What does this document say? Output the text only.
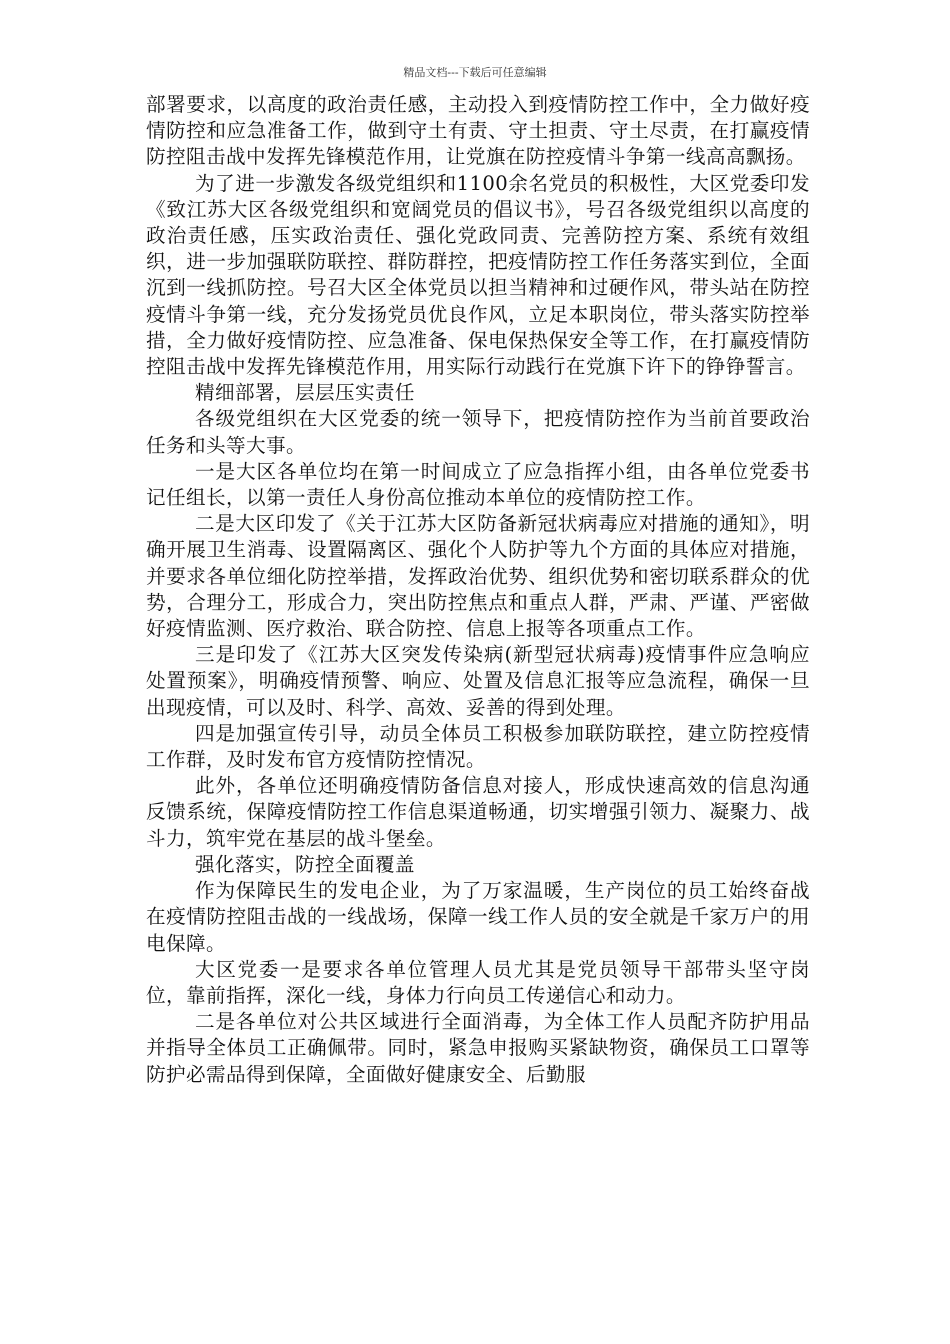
精品文档---下载后可任意编辑

部署要求，以高度的政治责任感，主动投入到疫情防控工作中，全力做好疫情防控和应急准备工作，做到守土有责、守土担责、守土尽责，在打赢疫情防控阻击战中发挥先锋模范作用，让党旗在防控疫情斗争第一线高高飘扬。

为了进一步激发各级党组织和1100余名党员的积极性，大区党委印发《致江苏大区各级党组织和宽阔党员的倡议书》，号召各级党组织以高度的政治责任感，压实政治责任、强化党政同责、完善防控方案、系统有效组织，进一步加强联防联控、群防群控，把疫情防控工作任务落实到位，全面沉到一线抓防控。号召大区全体党员以担当精神和过硬作风，带头站在防控疫情斗争第一线，充分发扬党员优良作风，立足本职岗位，带头落实防控举措，全力做好疫情防控、应急准备、保电保热保安全等工作，在打赢疫情防控阻击战中发挥先锋模范作用，用实际行动践行在党旗下许下的铮铮誓言。

精细部署，层层压实责任

各级党组织在大区党委的统一领导下，把疫情防控作为当前首要政治任务和头等大事。

一是大区各单位均在第一时间成立了应急指挥小组，由各单位党委书记任组长，以第一责任人身份高位推动本单位的疫情防控工作。

二是大区印发了《关于江苏大区防备新冠状病毒应对措施的通知》，明确开展卫生消毒、设置隔离区、强化个人防护等九个方面的具体应对措施，并要求各单位细化防控举措，发挥政治优势、组织优势和密切联系群众的优势，合理分工，形成合力，突出防控焦点和重点人群，严肃、严谨、严密做好疫情监测、医疗救治、联合防控、信息上报等各项重点工作。

三是印发了《江苏大区突发传染病(新型冠状病毒)疫情事件应急响应处置预案》，明确疫情预警、响应、处置及信息汇报等应急流程，确保一旦出现疫情，可以及时、科学、高效、妥善的得到处理。

四是加强宣传引导，动员全体员工积极参加联防联控，建立防控疫情工作群，及时发布官方疫情防控情况。

此外，各单位还明确疫情防备信息对接人，形成快速高效的信息沟通反馈系统，保障疫情防控工作信息渠道畅通，切实增强引领力、凝聚力、战斗力，筑牢党在基层的战斗堡垒。

强化落实，防控全面覆盖

作为保障民生的发电企业，为了万家温暖，生产岗位的员工始终奋战在疫情防控阻击战的一线战场，保障一线工作人员的安全就是千家万户的用电保障。

大区党委一是要求各单位管理人员尤其是党员领导干部带头坚守岗位，靠前指挥，深化一线，身体力行向员工传递信心和动力。

二是各单位对公共区域进行全面消毒，为全体工作人员配齐防护用品并指导全体员工正确佩带。同时，紧急申报购买紧缺物资，确保员工口罩等防护必需品得到保障，全面做好健康安全、后勤服
